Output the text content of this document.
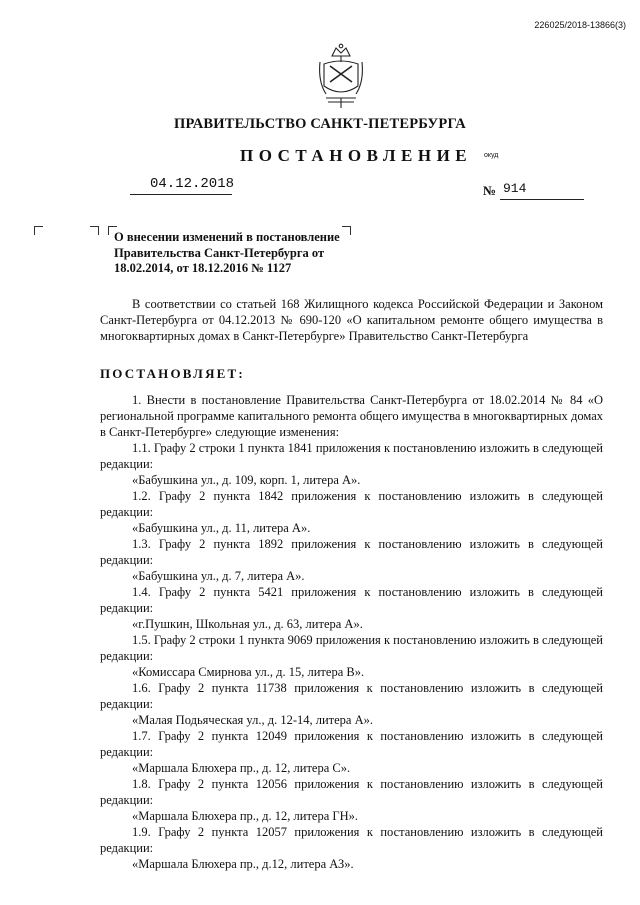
226025/2018-13866(3)
ПРАВИТЕЛЬСТВО САНКТ-ПЕТЕРБУРГА
ПОСТАНОВЛЕНИЕ окуд
04.12.2018	№ 914
О внесении изменений в постановление Правительства Санкт-Петербурга от 18.02.2014, от 18.12.2016 № 1127
В соответствии со статьей 168 Жилищного кодекса Российской Федерации и Законом Санкт-Петербурга от 04.12.2013 № 690-120 «О капитальном ремонте общего имущества в многоквартирных домах в Санкт-Петербурге» Правительство Санкт-Петербурга
ПОСТАНОВЛЯЕТ:
1. Внести в постановление Правительства Санкт-Петербурга от 18.02.2014 № 84 «О региональной программе капитального ремонта общего имущества в многоквартирных домах в Санкт-Петербурге» следующие изменения:
1.1. Графу 2 строки 1 пункта 1841 приложения к постановлению изложить в следующей редакции:
«Бабушкина ул., д. 109, корп. 1, литера А».
1.2. Графу 2 пункта 1842 приложения к постановлению изложить в следующей редакции:
«Бабушкина ул., д. 11, литера А».
1.3. Графу 2 пункта 1892 приложения к постановлению изложить в следующей редакции:
«Бабушкина ул., д. 7, литера А».
1.4. Графу 2 пункта 5421 приложения к постановлению изложить в следующей редакции:
«г.Пушкин, Школьная ул., д. 63, литера А».
1.5. Графу 2 строки 1 пункта 9069 приложения к постановлению изложить в следующей редакции:
«Комиссара Смирнова ул., д. 15, литера В».
1.6. Графу 2 пункта 11738 приложения к постановлению изложить в следующей редакции:
«Малая Подьяческая ул., д. 12-14, литера А».
1.7. Графу 2 пункта 12049 приложения к постановлению изложить в следующей редакции:
«Маршала Блюхера пр., д. 12, литера С».
1.8. Графу 2 пункта 12056 приложения к постановлению изложить в следующей редакции:
«Маршала Блюхера пр., д. 12, литера ГН».
1.9. Графу 2 пункта 12057 приложения к постановлению изложить в следующей редакции:
«Маршала Блюхера пр., д.12, литера АЗ».
